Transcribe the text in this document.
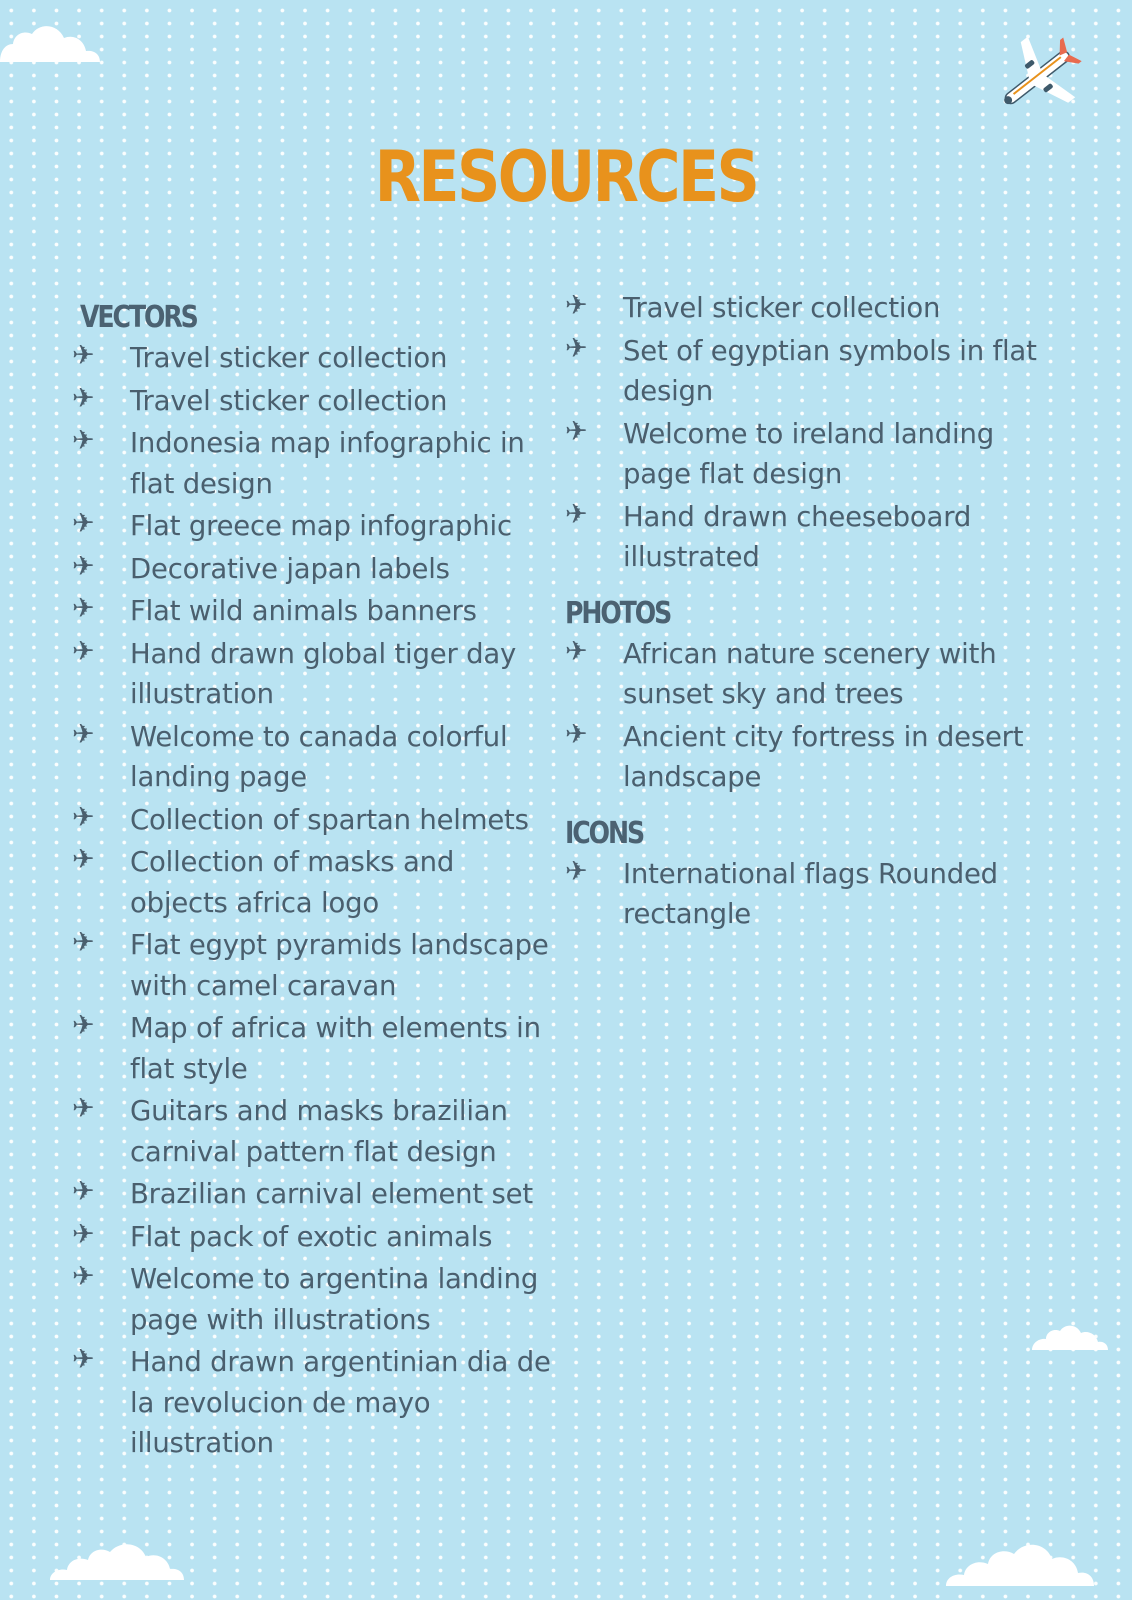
RESOURCES
VECTORS
✈ Travel sticker collection
✈ Travel sticker collection
✈ Indonesia map infographic in flat design
✈ Flat greece map infographic
✈ Decorative japan labels
✈ Flat wild animals banners
✈ Hand drawn global tiger day illustration
✈ Welcome to canada colorful landing page
✈ Collection of spartan helmets
✈ Collection of masks and objects africa logo
✈ Flat egypt pyramids landscape with camel caravan
✈ Map of africa with elements in flat style
✈ Guitars and masks brazilian carnival pattern flat design
✈ Brazilian carnival element set
✈ Flat pack of exotic animals
✈ Welcome to argentina landing page with illustrations
✈ Hand drawn argentinian dia de la revolucion de mayo illustration
✈ Travel sticker collection
✈ Set of egyptian symbols in flat design
✈ Welcome to ireland landing page flat design
✈ Hand drawn cheeseboard illustrated
PHOTOS
✈ African nature scenery with sunset sky and trees
✈ Ancient city fortress in desert landscape
ICONS
✈ International flags Rounded rectangle
